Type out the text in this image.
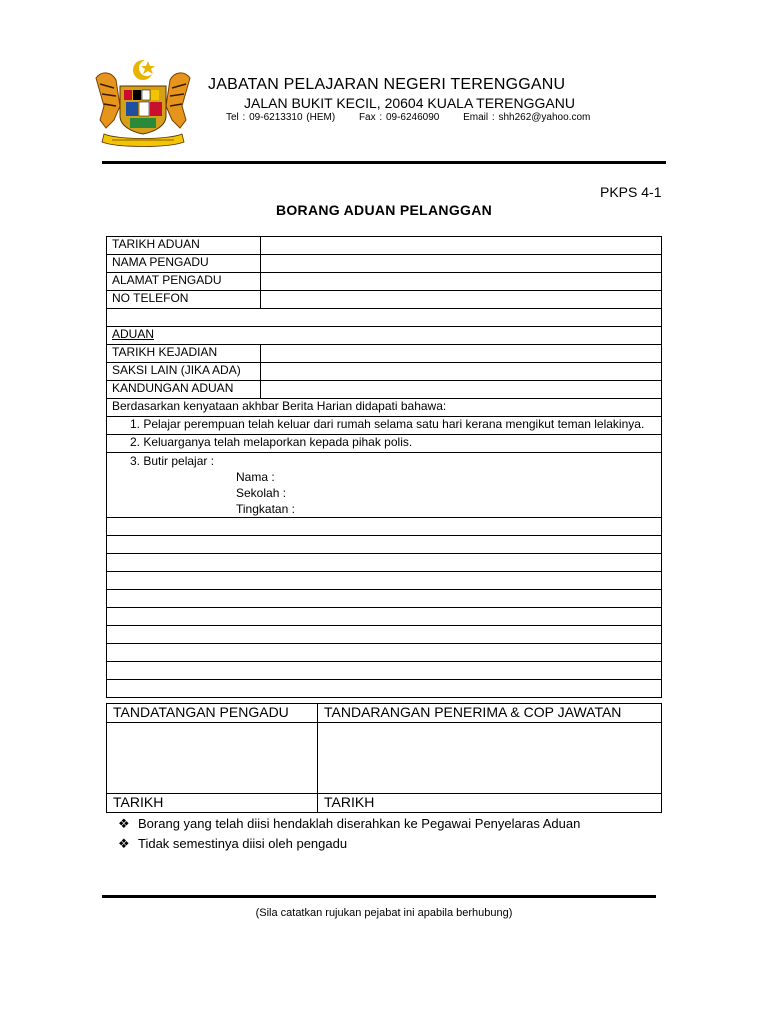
JABATAN PELAJARAN NEGERI TERENGGANU
JALAN BUKIT KECIL, 20604 KUALA TERENGGANU
Tel : 09-6213310 (HEM) Fax : 09-6246090 Email : shh262@yahoo.com
PKPS 4-1
BORANG ADUAN PELANGGAN
TARIKH ADUAN	
NAMA PENGADU	
ALAMAT PENGADU	
NO TELEFON	

ADUAN	
TARIKH KEJADIAN	
SAKSI LAIN (JIKA ADA)	
KANDUNGAN ADUAN	
Berdasarkan kenyataan akhbar Berita Harian didapati bahawa:	
1. Pelajar perempuan telah keluar dari rumah selama satu hari kerana mengikut teman lelakinya.	
2. Keluarganya telah melaporkan kepada pihak polis.	
3. Butir pelajar :
Nama :
Sekolah :
Tingkatan :	

TANDATANGAN PENGADU	TANDARANGAN PENERIMA & COP JAWATAN

TARIKH	TARIKH
❖ Borang yang telah diisi hendaklah diserahkan ke Pegawai Penyelaras Aduan
❖ Tidak semestinya diisi oleh pengadu
(Sila catatkan rujukan pejabat ini apabila berhubung)
